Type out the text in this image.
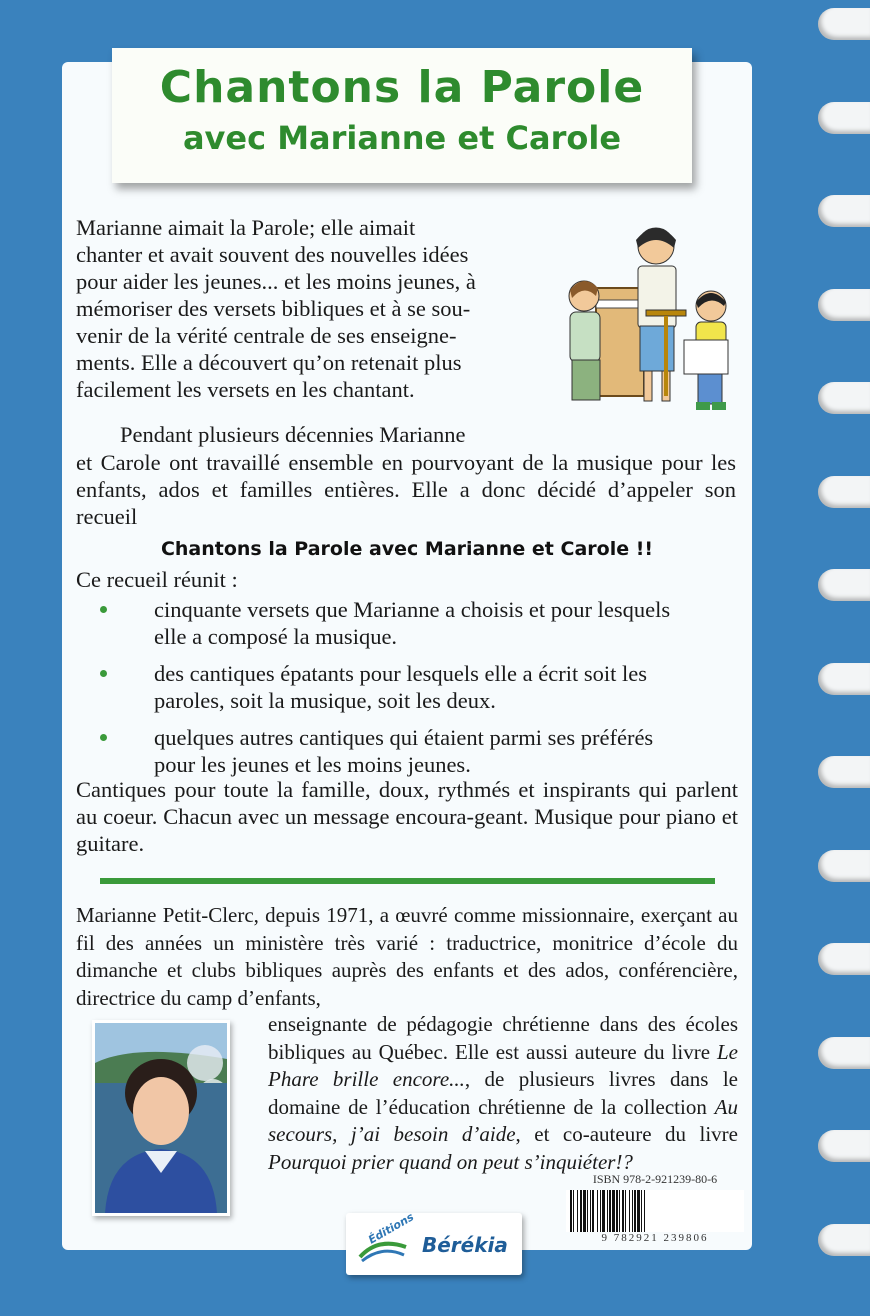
Chantons la Parole
avec Marianne et Carole
Marianne aimait la Parole; elle aimait
chanter et avait souvent des nouvelles idées
pour aider les jeunes... et les moins jeunes, à
mémoriser des versets bibliques et à se sou-
venir de la vérité centrale de ses enseigne-
ments. Elle a découvert qu’on retenait plus
facilement les versets en les chantant.
Pendant plusieurs décennies Marianne
et Carole ont travaillé ensemble en pourvoyant de la musique pour les enfants, ados et familles entières. Elle a donc décidé d’appeler son recueil
Chantons la Parole avec Marianne et Carole !!
Ce recueil réunit :
cinquante versets que Marianne a choisis et pour lesquels elle a composé la musique.
des cantiques épatants pour lesquels elle a écrit soit les paroles, soit la musique, soit les deux.
quelques autres cantiques qui étaient parmi ses préférés pour les jeunes et les moins jeunes.
Cantiques pour toute la famille, doux, rythmés et inspirants qui parlent au coeur. Chacun avec un message encoura-geant. Musique pour piano et guitare.
Marianne Petit-Clerc, depuis 1971, a œuvré comme missionnaire, exerçant au fil des années un ministère très varié : traductrice, monitrice d’école du dimanche et clubs bibliques auprès des enfants et des ados, conférencière, directrice du camp d’enfants,
enseignante de pédagogie chrétienne dans des écoles bibliques au Québec. Elle est aussi auteure du livre Le Phare brille encore..., de plusieurs livres dans le domaine de l’éducation chrétienne de la collection Au secours, j’ai besoin d’aide, et co-auteure du livre Pourquoi prier quand on peut s’inquiéter!?
ISBN 978-2-921239-80-6
9 782921 239806
Éditions Bérékia
